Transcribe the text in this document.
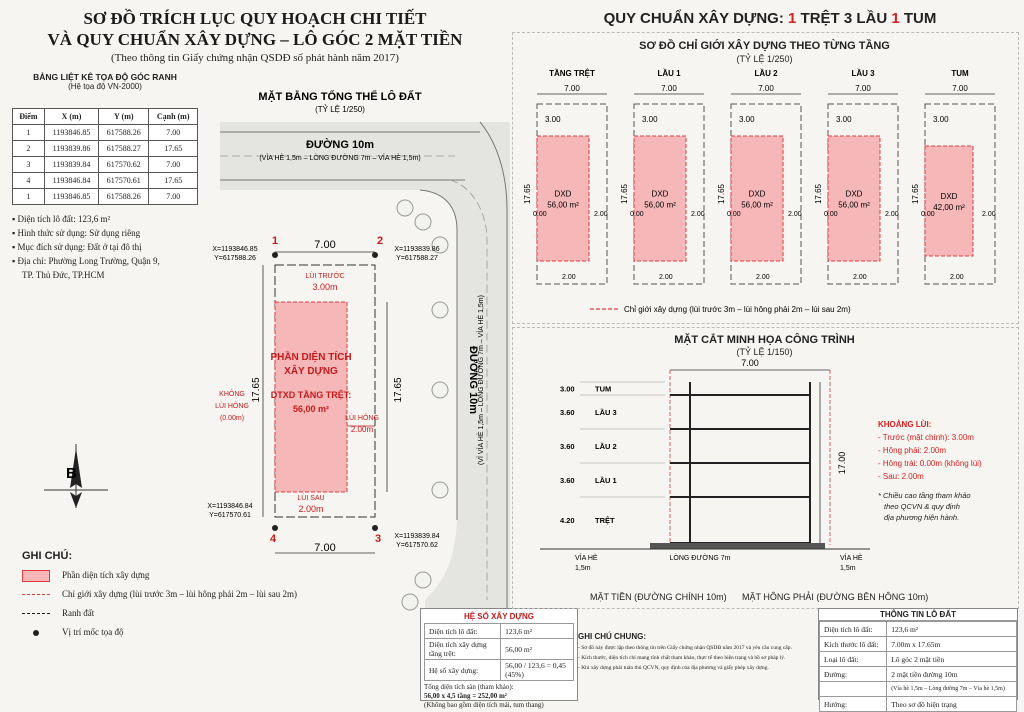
SƠ ĐỒ TRÍCH LỤC QUY HOẠCH CHI TIẾT
VÀ QUY CHUẨN XÂY DỰNG – LÔ GÓC 2 MẶT TIỀN
(Theo thông tin Giấy chứng nhận QSDĐ số phát hành năm 2017)
BẢNG LIỆT KÊ TỌA ĐỘ GÓC RANH
(Hệ tọa độ VN-2000)
Điểm	X (m)	Y (m)	Cạnh (m)
1	1193846.85	617588.26	7.00
2	1193839.86	617588.27	17.65
3	1193839.84	617570.62	7.00
4	1193846.84	617570.61	17.65
1	1193846.85	617588.26	7.00
▪ Diện tích lô đất: 123,6 m²
▪ Hình thức sử dụng: Sử dụng riêng
▪ Mục đích sử dụng: Đất ở tại đô thị
▪ Địa chỉ: Phường Long Trường, Quận 9,
TP. Thủ Đức, TP.HCM
MẶT BẰNG TỔNG THỂ LÔ ĐẤT
(TỶ LỆ 1/250)
ĐƯỜNG 10m
(VỈA HÈ 1,5m – LÒNG ĐƯỜNG 7m – VỈA HÈ 1,5m)
ĐƯỜNG 10m (VỈ VỈA HÈ 1,5m – LÒNG ĐƯỜNG 7m – VỈA HÈ 1,5m)
1	2
3
4
X=1193846.85
Y=617588.26
X=1193839.86
Y=617588.27
X=1193839.84
Y=617570.62
X=1193846.84
Y=617570.61
7.00
7.00
17.65	17.65
LÙI TRƯỚC
3.00m
LÙI HÔNG
2.00m
LÙI SAU
2.00m
KHÔNG
LÙI HÔNG
(0.00m)
PHẦN DIỆN TÍCH
XÂY DỰNG
DTXD TẦNG TRỆT:
56,00 m²
B
GHI CHÚ:
Phần diện tích xây dựng
Chỉ giới xây dựng (lùi trước 3m – lùi hông phải 2m – lùi sau 2m)
Ranh đất
Vị trí mốc tọa độ
HỆ SỐ XÂY DỰNG
Diện tích lô đất:	123,6 m²
Diện tích xây dựng tầng trệt:	56,00 m²
Hệ số xây dựng:	56,00 / 123,6 = 0,45 (45%)
Tổng diện tích sàn (tham khảo):
56,00 x 4,5 tầng = 252,00 m²
(Không bao gồm diện tích mái, tum thang)
QUY CHUẨN XÂY DỰNG: 1 TRỆT 3 LẦU 1 TUM
SƠ ĐỒ CHỈ GIỚI XÂY DỰNG THEO TỪNG TẦNG
(TỶ LỆ 1/250)
TẦNG TRỆT
7.00
3.00
17.65	DXD
56,00 m²
0.00	2.00
2.00
LẦU 1
7.00
3.00
17.65	DXD
56,00 m²
0.00	2.00
2.00
LẦU 2
7.00
3.00
17.65	DXD
56,00 m²
0.00	2.00
2.00
LẦU 3
7.00
3.00
17.65	DXD
56,00 m²
0.00	2.00
2.00
TUM
7.00
3.00
17.65	DXD
42,00 m²
0.00	2.00
2.00
Chỉ giới xây dựng (lùi trước 3m – lùi hông phải 2m – lùi sau 2m)
MẶT CẮT MINH HỌA CÔNG TRÌNH
(TỶ LỆ 1/150)
7.00
3.00	TUM
3.60	LẦU 3
3.60	LẦU 2
3.60	LẦU 1
4.20	TRỆT
17.00
VỈA HÈ
1,5m
LÒNG ĐƯỜNG 7m	VỈA HÈ
1,5m
MẶT TIỀN (ĐƯỜNG CHÍNH 10m) MẶT HÔNG PHẢI (ĐƯỜNG BÊN HÔNG 10m)
KHOẢNG LÙI:
- Trước (mặt chính): 3.00m
- Hông phải: 2.00m
- Hông trái: 0.00m (không lùi)
- Sau: 2.00m
* Chiều cao tầng tham khảo
theo QCVN & quy định
địa phương hiện hành.
GHI CHÚ CHUNG:
- Sơ đồ này được lập theo thông tin trên Giấy chứng nhận QSDĐ năm 2017 và yêu cầu cung cấp.
- Kích thước, diện tích chỉ mang tính chất tham khảo, thực tế theo hiện trạng và hồ sơ pháp lý.
- Khi xây dựng phải tuân thủ QCVN, quy định của địa phương và giấy phép xây dựng.
THÔNG TIN LÔ ĐẤT
Diện tích lô đất:	123,6 m²
Kích thước lô đất:	7.00m x 17.65m
Loại lô đất:	Lô góc 2 mặt tiền
Đường:	2 mặt tiền đường 10m
	(Vỉa hè 1,5m – Lòng đường 7m – Vỉa hè 1,5m)
Hướng:	Theo sơ đồ hiện trạng
